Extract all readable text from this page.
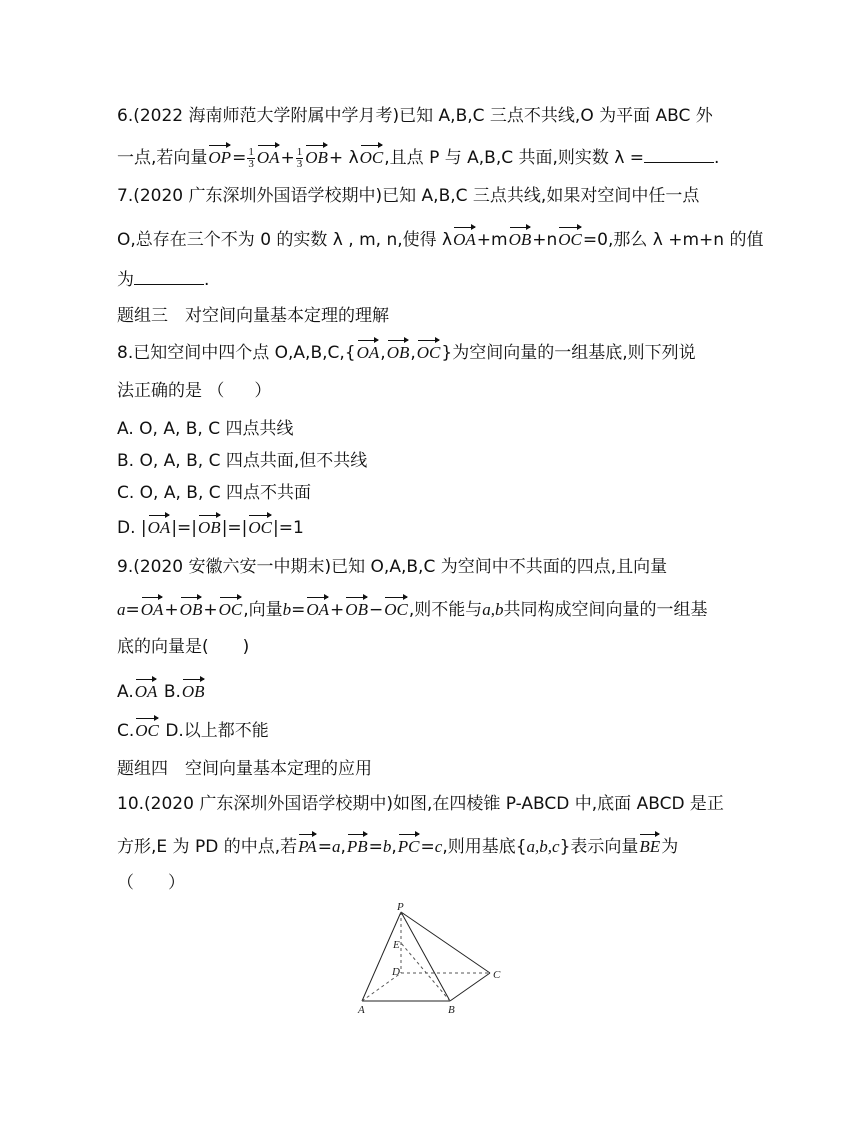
6.(2022 海南师范大学附属中学月考)已知 A,B,C 三点不共线,O 为平面 ABC 外
一点,若向量$OP= \frac{1}{3} OA+ \frac{1}{3} OB+ \lambda OC$,且点 P 与 A,B,C 共面,则实数 λ =	.
7.(2020 广东深圳外国语学校期中)已知 A,B,C 三点共线,如果对空间中任一点
O,总存在三个不为 0 的实数 λ , m, n,使得 λOA+mOB+nOC=0,那么 λ +m+n 的值
为	.
题组三　对空间向量基本定理的理解
8.已知空间中四个点 O,A,B,C,{OA,OB,OC}为空间向量的一组基底,则下列说
法正确的是 （ ）
A. O, A, B, C 四点共线
B. O, A, B, C 四点共面,但不共线
C. O, A, B, C 四点不共面
D. |OA|=|OB|=|OC|=1
9.(2020 安徽六安一中期末)已知 O,A,B,C 为空间中不共面的四点,且向量
a=OA+OB+OC,向量b=OA+OB−OC,则不能与a,b共同构成空间向量的一组基
底的向量是(　　)
A.OA B.OB
C.OC D.以上都不能
题组四　空间向量基本定理的应用
10.(2020 广东深圳外国语学校期中)如图,在四棱锥 P-ABCD 中,底面 ABCD 是正
方形,E 为 PD 的中点,若PA=a,PB=b,PC=c,则用基底{a,b,c}表示向量BE为
（　　）
P
E
D	C
A	B
